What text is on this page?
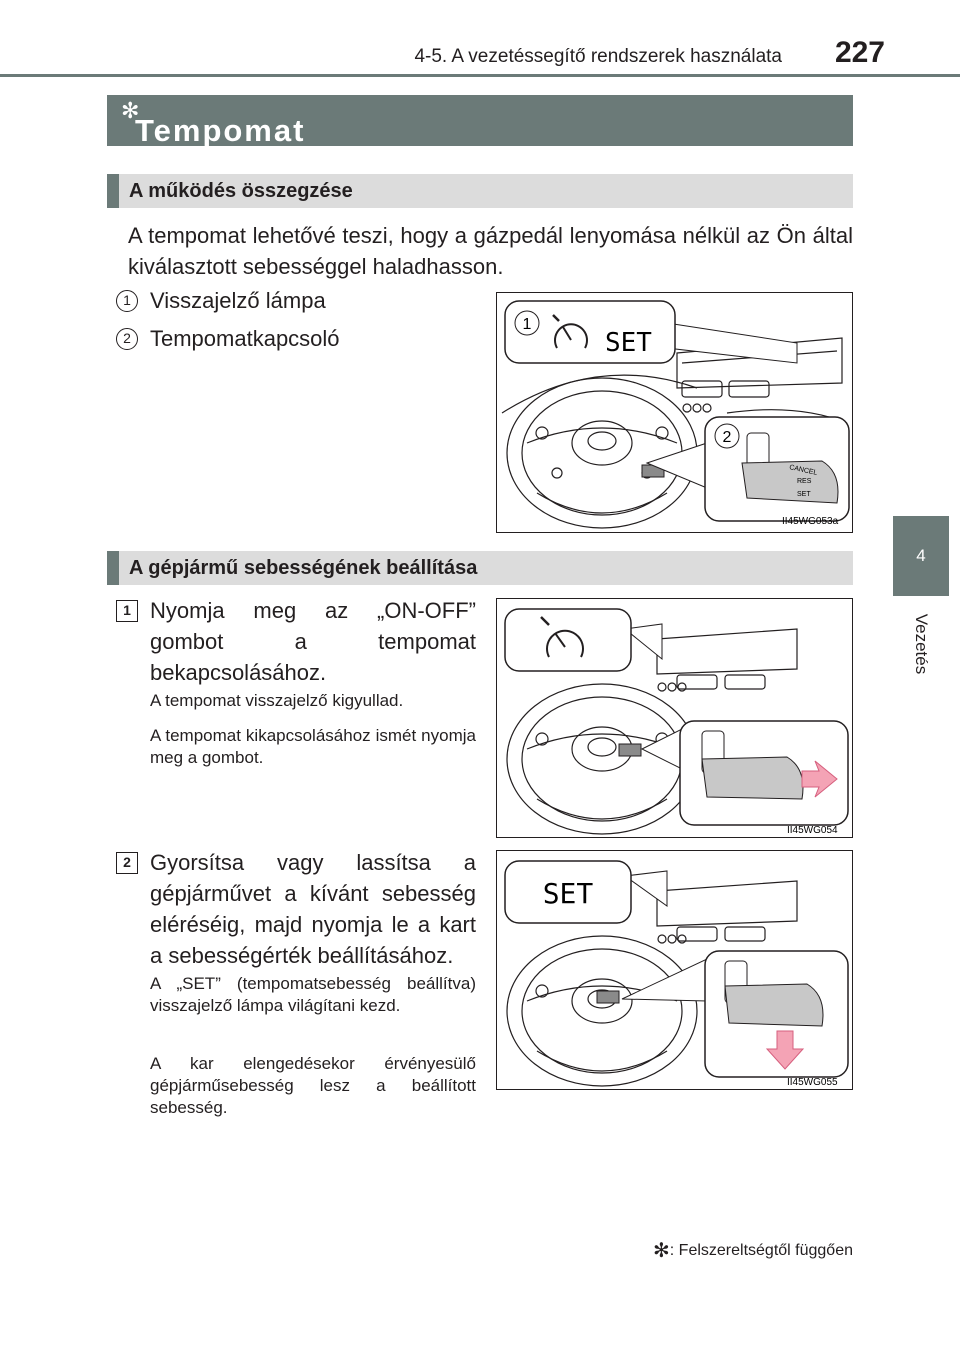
4-5. A vezetéssegítő rendszerek használata 227
4
Vezetés
Tempomat
✻
A működés összegzése
A tempomat lehetővé teszi, hogy a gázpedál lenyomása nélkül az Ön által kiválasztott sebességgel haladhasson.
1 Visszajelző lámpa
2 Tempomatkapcsoló
1
SET
2
CANCEL
RES
SET
II45WG053a
A gépjármű sebességének beállítása
1 Nyomja meg az „ON-OFF” gombot a tempomat bekapcsolásához.
A tempomat visszajelző kigyullad.
A tempomat kikapcsolásához ismét nyomja meg a gombot.
II45WG054
2 Gyorsítsa vagy lassítsa a gépjárművet a kívánt sebesség eléréséig, majd nyomja le a kart a sebességérték beállításához.
A „SET” (tempomatsebesség beállítva) visszajelző lámpa világítani kezd.
A kar elengedésekor érvényesülő gépjárműsebesség lesz a beállított sebesség.
SET
II45WG055
✻: Felszereltségtől függően
